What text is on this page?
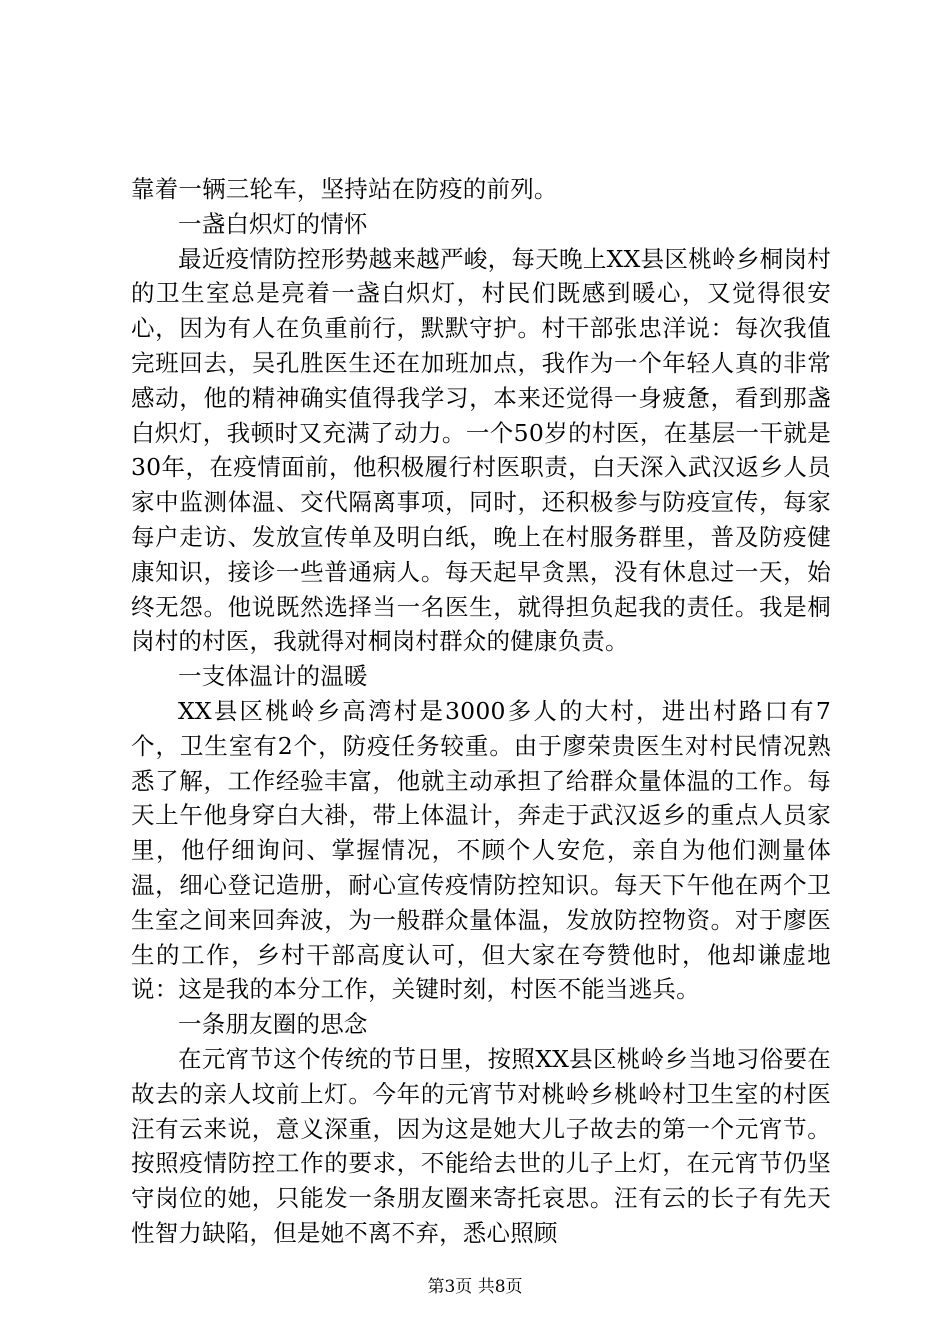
靠着一辆三轮车，坚持站在防疫的前列。

一盏白炽灯的情怀

最近疫情防控形势越来越严峻，每天晚上XX县区桃岭乡桐岗村的卫生室总是亮着一盏白炽灯，村民们既感到暖心，又觉得很安心，因为有人在负重前行，默默守护。村干部张忠洋说：每次我值完班回去，吴孔胜医生还在加班加点，我作为一个年轻人真的非常感动，他的精神确实值得我学习，本来还觉得一身疲惫，看到那盏白炽灯，我顿时又充满了动力。一个50岁的村医，在基层一干就是30年，在疫情面前，他积极履行村医职责，白天深入武汉返乡人员家中监测体温、交代隔离事项，同时，还积极参与防疫宣传，每家每户走访、发放宣传单及明白纸，晚上在村服务群里，普及防疫健康知识，接诊一些普通病人。每天起早贪黑，没有休息过一天，始终无怨。他说既然选择当一名医生，就得担负起我的责任。我是桐岗村的村医，我就得对桐岗村群众的健康负责。

一支体温计的温暖

XX县区桃岭乡高湾村是3000多人的大村，进出村路口有7个，卫生室有2个，防疫任务较重。由于廖荣贵医生对村民情况熟悉了解，工作经验丰富，他就主动承担了给群众量体温的工作。每天上午他身穿白大褂，带上体温计，奔走于武汉返乡的重点人员家里，他仔细询问、掌握情况，不顾个人安危，亲自为他们测量体温，细心登记造册，耐心宣传疫情防控知识。每天下午他在两个卫生室之间来回奔波，为一般群众量体温，发放防控物资。对于廖医生的工作，乡村干部高度认可，但大家在夸赞他时，他却谦虚地说：这是我的本分工作，关键时刻，村医不能当逃兵。

一条朋友圈的思念

在元宵节这个传统的节日里，按照XX县区桃岭乡当地习俗要在故去的亲人坟前上灯。今年的元宵节对桃岭乡桃岭村卫生室的村医汪有云来说，意义深重，因为这是她大儿子故去的第一个元宵节。按照疫情防控工作的要求，不能给去世的儿子上灯，在元宵节仍坚守岗位的她，只能发一条朋友圈来寄托哀思。汪有云的长子有先天性智力缺陷，但是她不离不弃，悉心照顾

第3页 共8页
